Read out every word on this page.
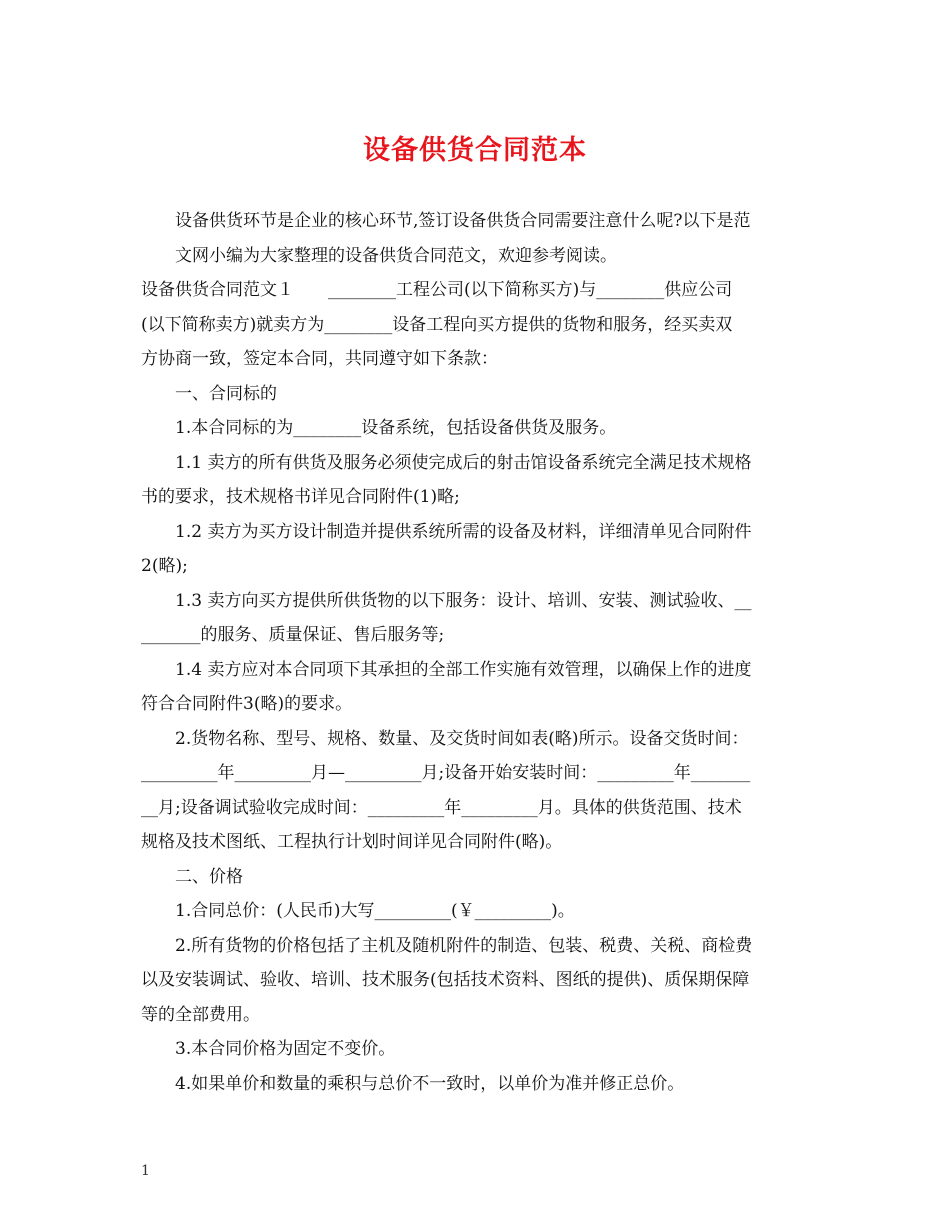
设备供货合同范本

设备供货环节是企业的核心环节,签订设备供货合同需要注意什么呢?以下是范
文网小编为大家整理的设备供货合同范文，欢迎参考阅读。

设备供货合同范文１　　________工程公司(以下简称买方)与________供应公司
(以下简称卖方)就卖方为________设备工程向买方提供的货物和服务，经买卖双
方协商一致，签定本合同，共同遵守如下条款：

一、合同标的

1.本合同标的为________设备系统，包括设备供货及服务。

1.1 卖方的所有供货及服务必须使完成后的射击馆设备系统完全满足技术规格

书的要求，技术规格书详见合同附件(1)略;

1.2 卖方为买方设计制造并提供系统所需的设备及材料，详细清单见合同附件

2(略);

1.3 卖方向买方提供所供货物的以下服务：设计、培训、安装、测试验收、__

_______的服务、质量保证、售后服务等;

1.4 卖方应对本合同项下其承担的全部工作实施有效管理，以确保上作的进度

符合合同附件3(略)的要求。

2.货物名称、型号、规格、数量、及交货时间如表(略)所示。设备交货时间：

_________年_________月—_________月;设备开始安装时间：_________年_______
__月;设备调试验收完成时间：_________年_________月。具体的供货范围、技术
规格及技术图纸、工程执行计划时间详见合同附件(略)。

二、价格

1.合同总价：(人民币)大写_________(￥_________)。

2.所有货物的价格包括了主机及随机附件的制造、包装、税费、关税、商检费

以及安装调试、验收、培训、技术服务(包括技术资料、图纸的提供)、质保期保障
等的全部费用。

3.本合同价格为固定不变价。

4.如果单价和数量的乘积与总价不一致时，以单价为准并修正总价。

1
